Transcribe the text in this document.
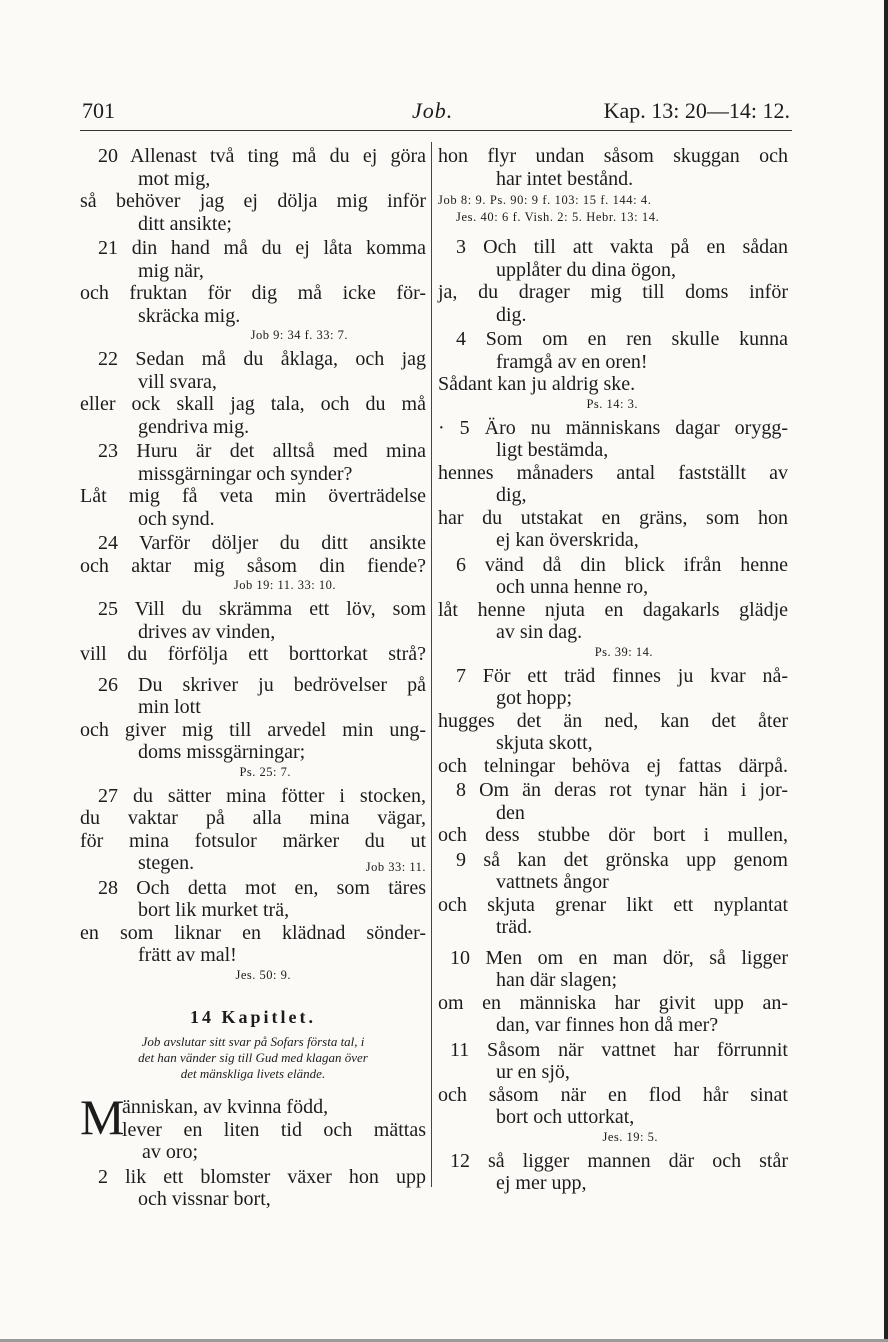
701	Job.	Kap. 13: 20—14: 12.
20 Allenast två ting må du ej göra
mot mig,
så behöver jag ej dölja mig inför
ditt ansikte;
21 din hand må du ej låta komma
mig när,
och fruktan för dig må icke för-
skräcka mig.
Job 9: 34 f. 33: 7.
22 Sedan må du åklaga, och jag
vill svara,
eller ock skall jag tala, och du må
gendriva mig.
23 Huru är det alltså med mina
missgärningar och synder?
Låt mig få veta min överträdelse
och synd.
24 Varför döljer du ditt ansikte
och aktar mig såsom din fiende?
Job 19: 11. 33: 10.
25 Vill du skrämma ett löv, som
drives av vinden,
vill du förfölja ett borttorkat strå?
26 Du skriver ju bedrövelser på
min lott
och giver mig till arvedel min ung-
doms missgärningar;
Ps. 25: 7.
27 du sätter mina fötter i stocken,
du vaktar på alla mina vägar,
för mina fotsulor märker du ut
stegen.	Job 33: 11.
28 Och detta mot en, som täres
bort lik murket trä,
en som liknar en klädnad sönder-
frätt av mal!
Jes. 50: 9.
14 Kapitlet.
Job avslutar sitt svar på Sofars första tal, i
det han vänder sig till Gud med klagan över
det mänskliga livets elände.
M
änniskan, av kvinna född,
lever en liten tid och mättas
av oro;
2 lik ett blomster växer hon upp
och vissnar bort,
hon flyr undan såsom skuggan och
har intet bestånd.
Job 8: 9. Ps. 90: 9 f. 103: 15 f. 144: 4.
Jes. 40: 6 f. Vish. 2: 5. Hebr. 13: 14.
3 Och till att vakta på en sådan
upplåter du dina ögon,
ja, du drager mig till doms inför
dig.
4 Som om en ren skulle kunna
framgå av en oren!
Sådant kan ju aldrig ske.
Ps. 14: 3.
· 5 Äro nu människans dagar orygg-
ligt bestämda,
hennes månaders antal fastställt av
dig,
har du utstakat en gräns, som hon
ej kan överskrida,
6 vänd då din blick ifrån henne
och unna henne ro,
låt henne njuta en dagakarls glädje
av sin dag.
Ps. 39: 14.
7 För ett träd finnes ju kvar nå-
got hopp;
hugges det än ned, kan det åter
skjuta skott,
och telningar behöva ej fattas därpå.
8 Om än deras rot tynar hän i jor-
den
och dess stubbe dör bort i mullen,
9 så kan det grönska upp genom
vattnets ångor
och skjuta grenar likt ett nyplantat
träd.
10 Men om en man dör, så ligger
han där slagen;
om en människa har givit upp an-
dan, var finnes hon då mer?
11 Såsom när vattnet har förrunnit
ur en sjö,
och såsom när en flod hår sinat
bort och uttorkat,
Jes. 19: 5.
12 så ligger mannen där och står
ej mer upp,
